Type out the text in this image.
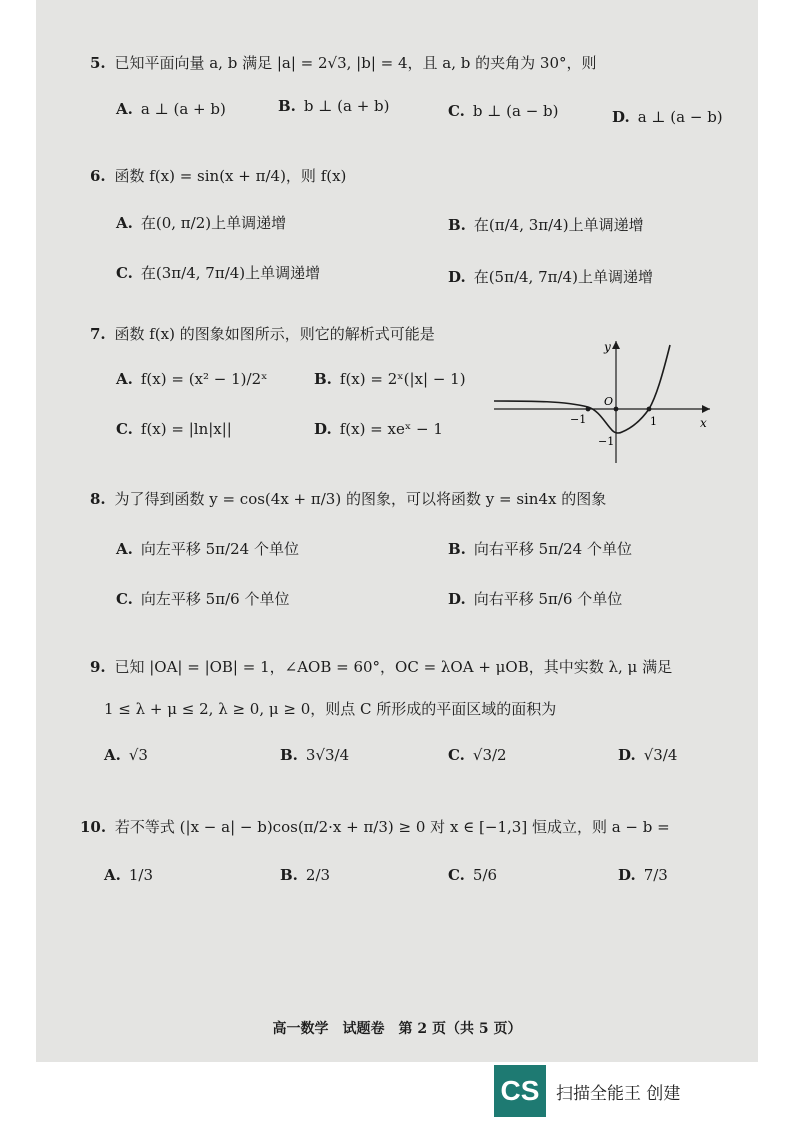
5. 已知平面向量 a, b 满足 |a| = 2√3, |b| = 4，且 a, b 的夹角为 30°，则
A. a ⊥ (a + b)	B. b ⊥ (a + b)	C. b ⊥ (a − b)	D. a ⊥ (a − b)
6. 函数 f(x) = sin(x + π/4)，则 f(x)
A. 在(0, π/2)上单调递增	B. 在(π/4, 3π/4)上单调递增
C. 在(3π/4, 7π/4)上单调递增	D. 在(5π/4, 7π/4)上单调递增
7. 函数 f(x) 的图象如图所示，则它的解析式可能是
A. f(x) = (x² − 1)/2ˣ	B. f(x) = 2ˣ(|x| − 1)
C. f(x) = |ln|x||	D. f(x) = xeˣ − 1
y
x
O
−1	1
−1
8. 为了得到函数 y = cos(4x + π/3) 的图象，可以将函数 y = sin4x 的图象
A. 向左平移 5π/24 个单位	B. 向右平移 5π/24 个单位
C. 向左平移 5π/6 个单位	D. 向右平移 5π/6 个单位
9. 已知 |OA| = |OB| = 1，∠AOB = 60°，OC = λOA + μOB，其中实数 λ, μ 满足
1 ≤ λ + μ ≤ 2, λ ≥ 0, μ ≥ 0，则点 C 所形成的平面区域的面积为
A. √3	B. 3√3/4	C. √3/2	D. √3/4
10. 若不等式 (|x − a| − b)cos(π/2·x + π/3) ≥ 0 对 x ∈ [−1,3] 恒成立，则 a − b =
A. 1/3	B. 2/3	C. 5/6	D. 7/3
高一数学　试题卷　第 2 页（共 5 页）
CS 扫描全能王 创建
